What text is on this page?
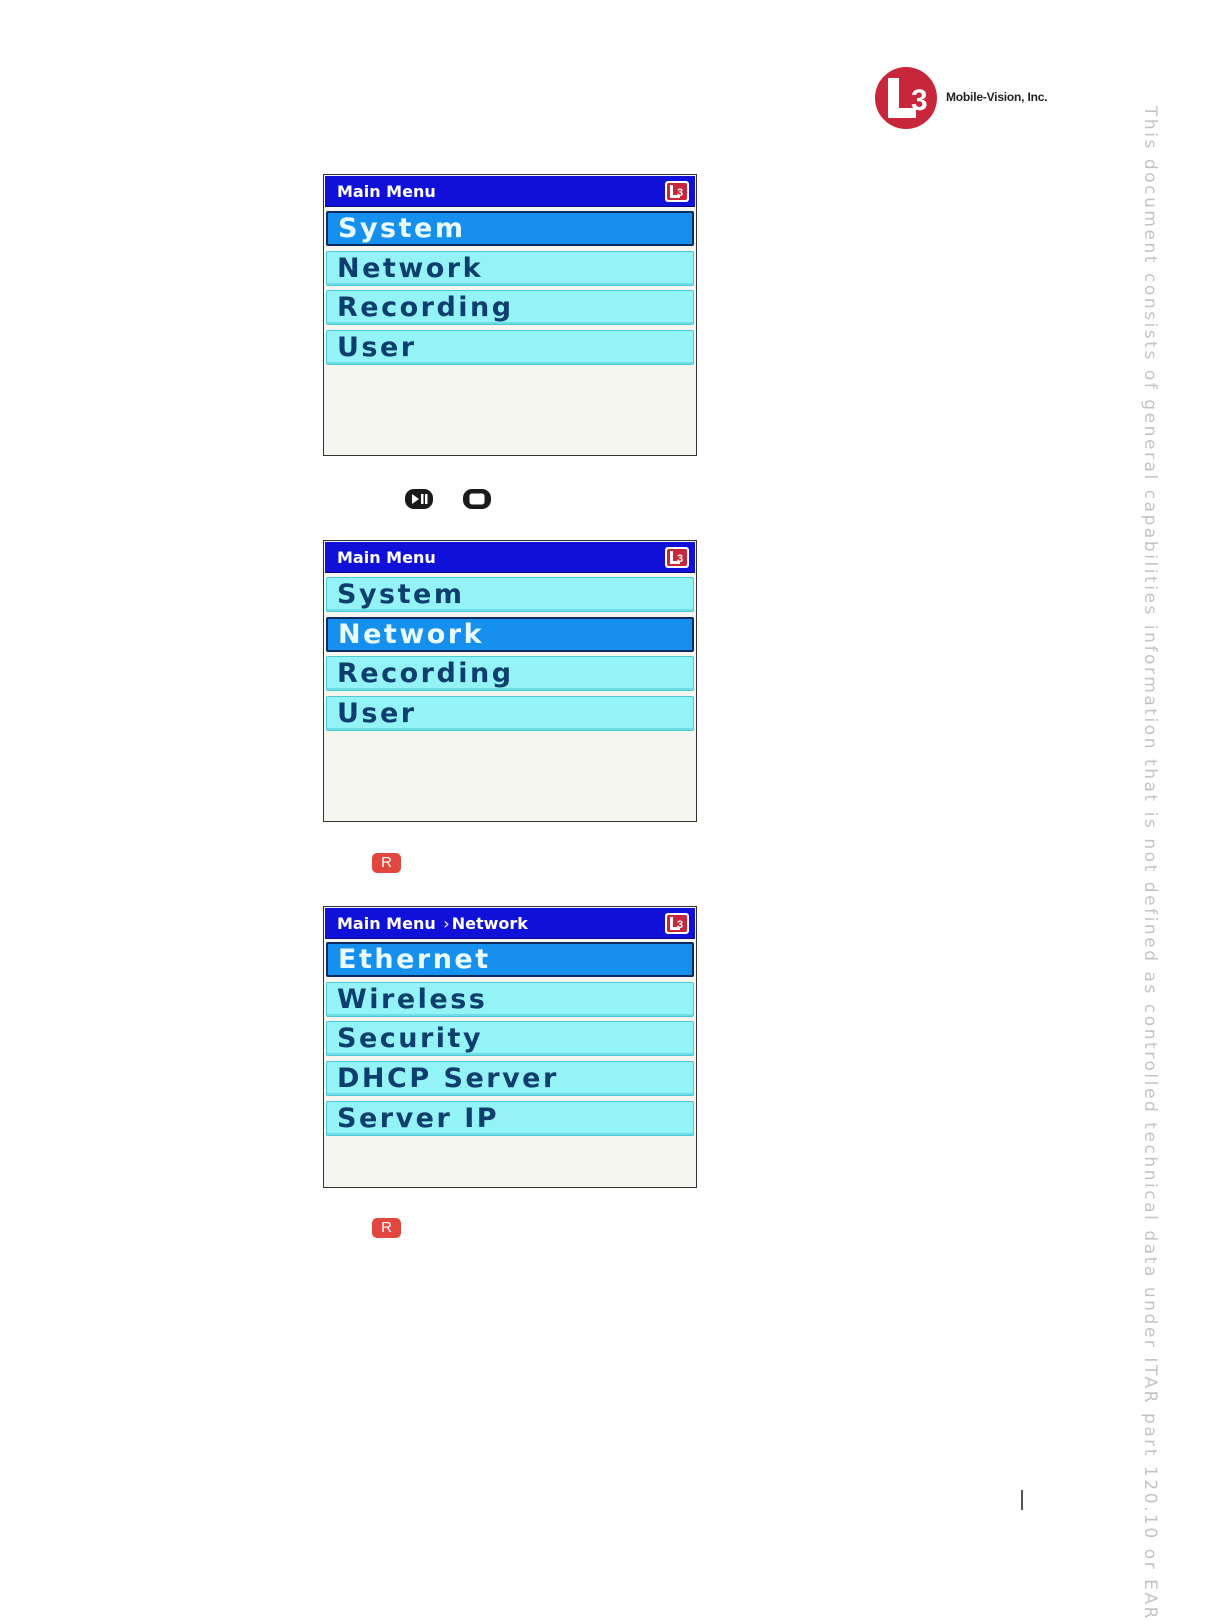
3 Mobile-Vision, Inc.
Main Menu	3
System
Network
Recording
User
Main Menu	3
System
Network
Recording
User
R
Main Menu › Network	3
Ethernet
Wireless
Security
DHCP Server
Server IP
R	This document consists of general capabilities information that is not defined as controlled technical data under ITAR part 120.10 or EAR
